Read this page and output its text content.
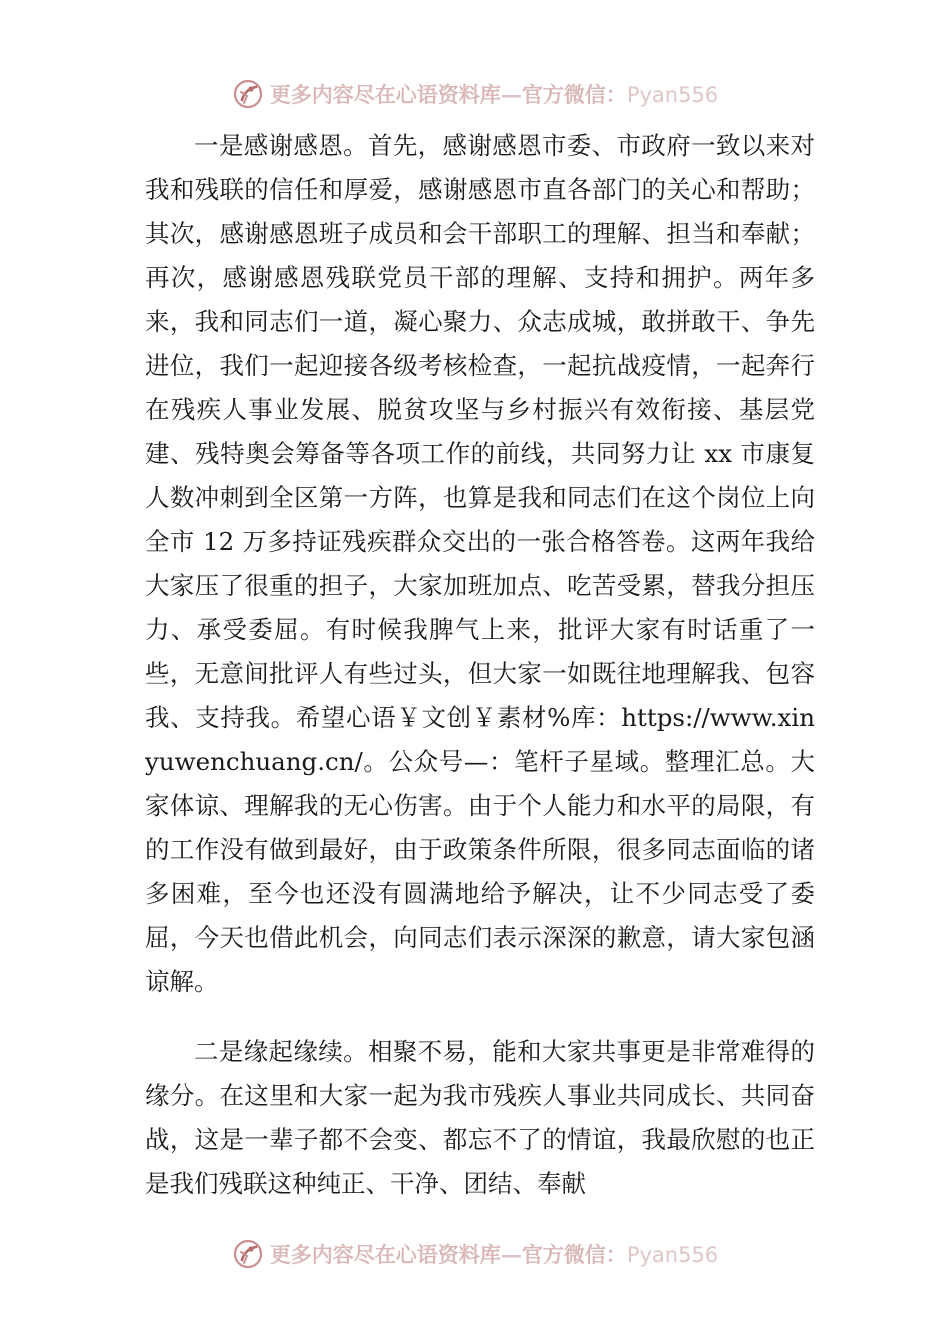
更多内容尽在心语资料库—官方微信：Pyan556

一是感谢感恩。首先，感谢感恩市委、市政府一致以来对我和残联的信任和厚爱，感谢感恩市直各部门的关心和帮助；其次，感谢感恩班子成员和会干部职工的理解、担当和奉献；再次，感谢感恩残联党员干部的理解、支持和拥护。两年多来，我和同志们一道，凝心聚力、众志成城，敢拼敢干、争先进位，我们一起迎接各级考核检查，一起抗战疫情，一起奔行在残疾人事业发展、脱贫攻坚与乡村振兴有效衔接、基层党建、残特奥会筹备等各项工作的前线，共同努力让 xx 市康复人数冲刺到全区第一方阵，也算是我和同志们在这个岗位上向全市 12 万多持证残疾群众交出的一张合格答卷。这两年我给大家压了很重的担子，大家加班加点、吃苦受累，替我分担压力、承受委屈。有时候我脾气上来，批评大家有时话重了一些，无意间批评人有些过头，但大家一如既往地理解我、包容我、支持我。希望心语￥文创￥素材%库：https://www.xinyuwenchuang.cn/。公众号—：笔杆子星域。整理汇总。大家体谅、理解我的无心伤害。由于个人能力和水平的局限，有的工作没有做到最好，由于政策条件所限，很多同志面临的诸多困难，至今也还没有圆满地给予解决，让不少同志受了委屈，今天也借此机会，向同志们表示深深的歉意，请大家包涵谅解。

二是缘起缘续。相聚不易，能和大家共事更是非常难得的缘分。在这里和大家一起为我市残疾人事业共同成长、共同奋战，这是一辈子都不会变、都忘不了的情谊，我最欣慰的也正是我们残联这种纯正、干净、团结、奉献

更多内容尽在心语资料库—官方微信：Pyan556
